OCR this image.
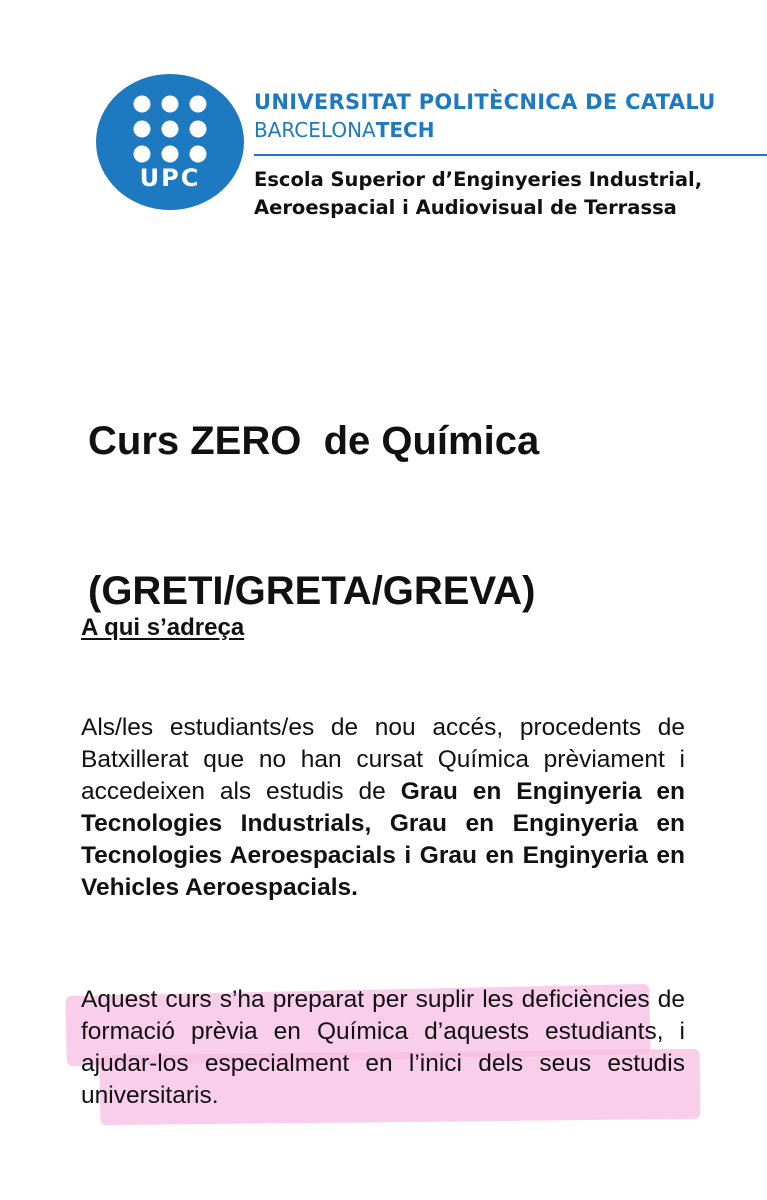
UPC
UNIVERSITAT POLITÈCNICA DE CATALU
BARCELONATECH
Escola Superior d’Enginyeries Industrial,
Aeroespacial i Audiovisual de Terrassa

Curs ZERO  de Química

(GRETI/GRETA/GREVA)

A qui s’adreça
Als/les estudiants/es de nou accés, procedents de Batxillerat que no han cursat Química prèviament i accedeixen als estudis de Grau en Enginyeria en Tecnologies Industrials, Grau en Enginyeria en Tecnologies Aeroespacials i Grau en Enginyeria en Vehicles Aeroespacials.
Aquest curs s’ha preparat per suplir les deficiències de formació prèvia en Química d’aquests estudiants, i ajudar-los especialment en l’inici dels seus estudis universitaris.
